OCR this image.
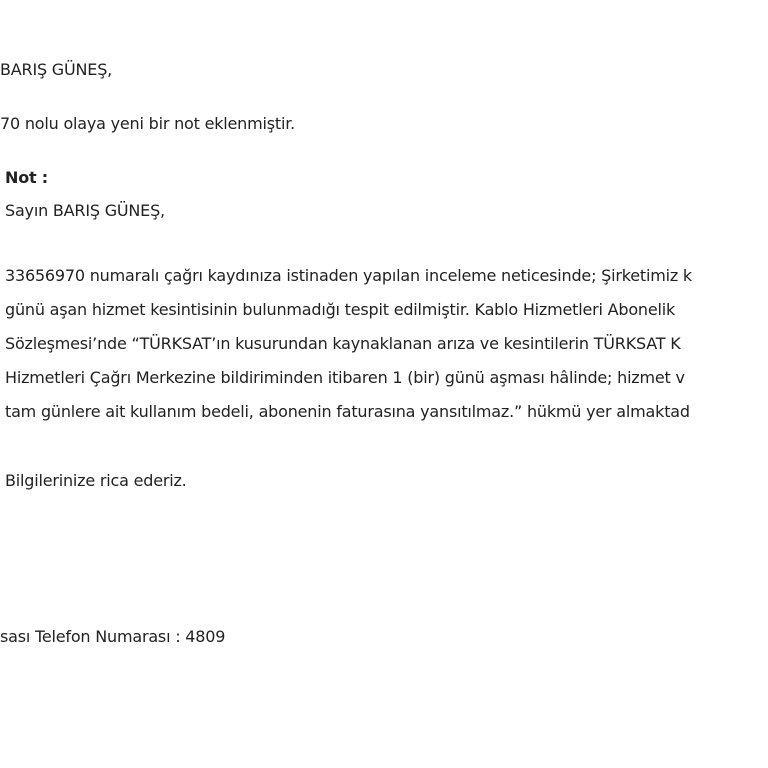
BARIŞ GÜNEŞ,
70 nolu olaya yeni bir not eklenmiştir.
Not :
Sayın BARIŞ GÜNEŞ,
33656970 numaralı çağrı kaydınıza istinaden yapılan inceleme neticesinde; Şirketimiz k
günü aşan hizmet kesintisinin bulunmadığı tespit edilmiştir. Kablo Hizmetleri Abonelik
Sözleşmesi’nde “TÜRKSAT’ın kusurundan kaynaklanan arıza ve kesintilerin TÜRKSAT K
Hizmetleri Çağrı Merkezine bildiriminden itibaren 1 (bir) günü aşması hâlinde; hizmet v
tam günlere ait kullanım bedeli, abonenin faturasına yansıtılmaz.” hükmü yer almaktad
Bilgilerinize rica ederiz.
sası Telefon Numarası : 4809
